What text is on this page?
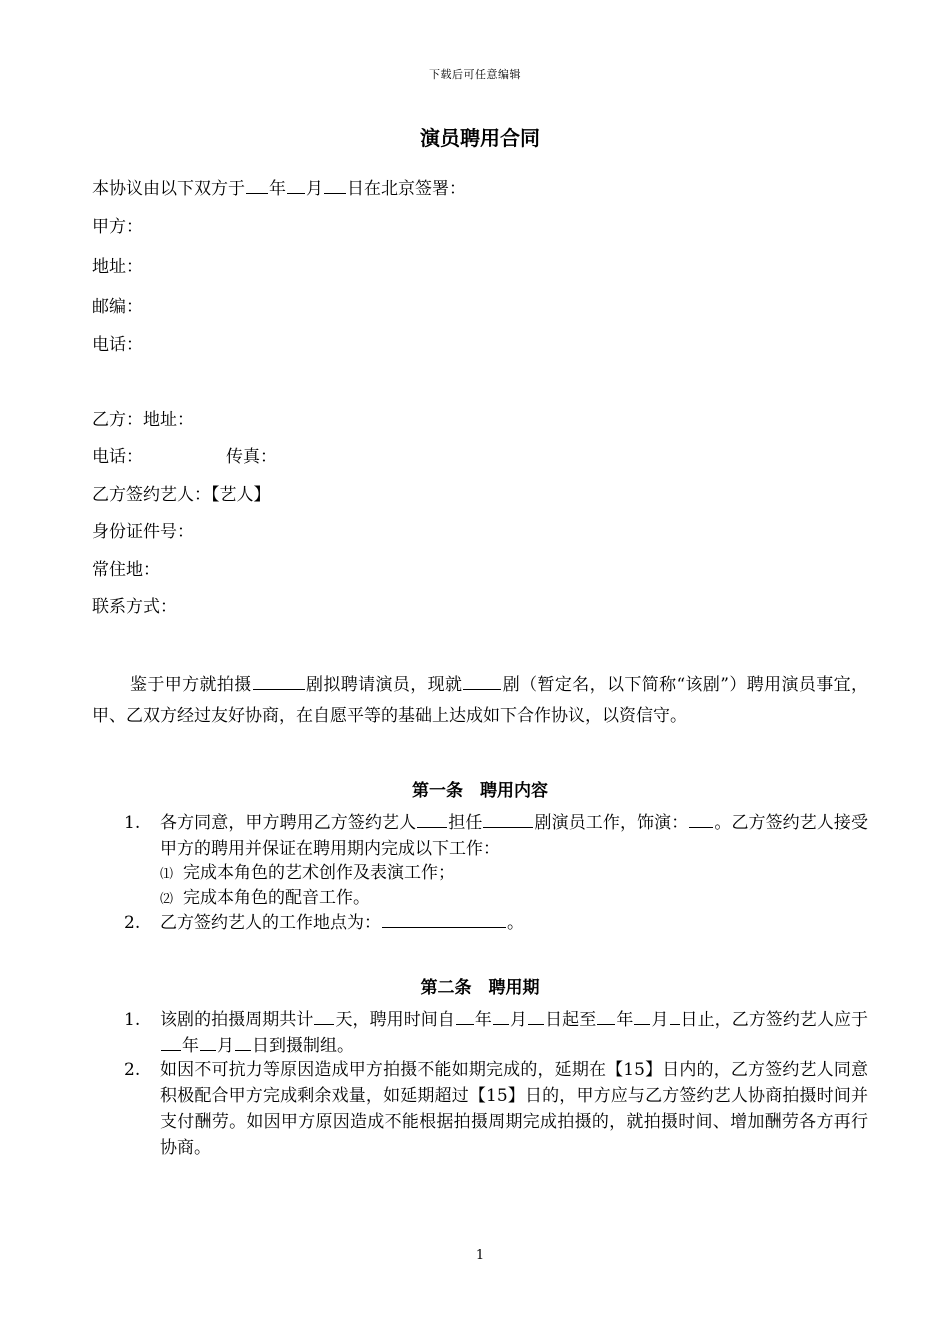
下载后可任意编辑
演员聘用合同
本协议由以下双方于 年 月 日在北京签署：
甲方：
地址：
邮编：
电话：
乙方：地址：
电话：	传真：
乙方签约艺人：【艺人】
身份证件号：
常住地：
联系方式：
鉴于甲方就拍摄	剧拟聘请演员，现就 剧（暂定名，以下简称“该剧”）聘用演员事宜，甲、乙双方经过友好协商，在自愿平等的基础上达成如下合作协议，以资信守。
第一条　聘用内容
1. 各方同意，甲方聘用乙方签约艺人 担任	剧演员工作，饰演： 。乙方签约艺人接受甲方的聘用并保证在聘用期内完成以下工作：
⑴ 完成本角色的艺术创作及表演工作；
⑵ 完成本角色的配音工作。
2. 乙方签约艺人的工作地点为：	。
第二条　聘用期
1. 该剧的拍摄周期共计 天，聘用时间自 年 月 日起至 年 月 日止，乙方签约艺人应于年 月 日到摄制组。
2. 如因不可抗力等原因造成甲方拍摄不能如期完成的，延期在【15】日内的，乙方签约艺人同意积极配合甲方完成剩余戏量，如延期超过【15】日的，甲方应与乙方签约艺人协商拍摄时间并支付酬劳。如因甲方原因造成不能根据拍摄周期完成拍摄的，就拍摄时间、增加酬劳各方再行协商。
1
